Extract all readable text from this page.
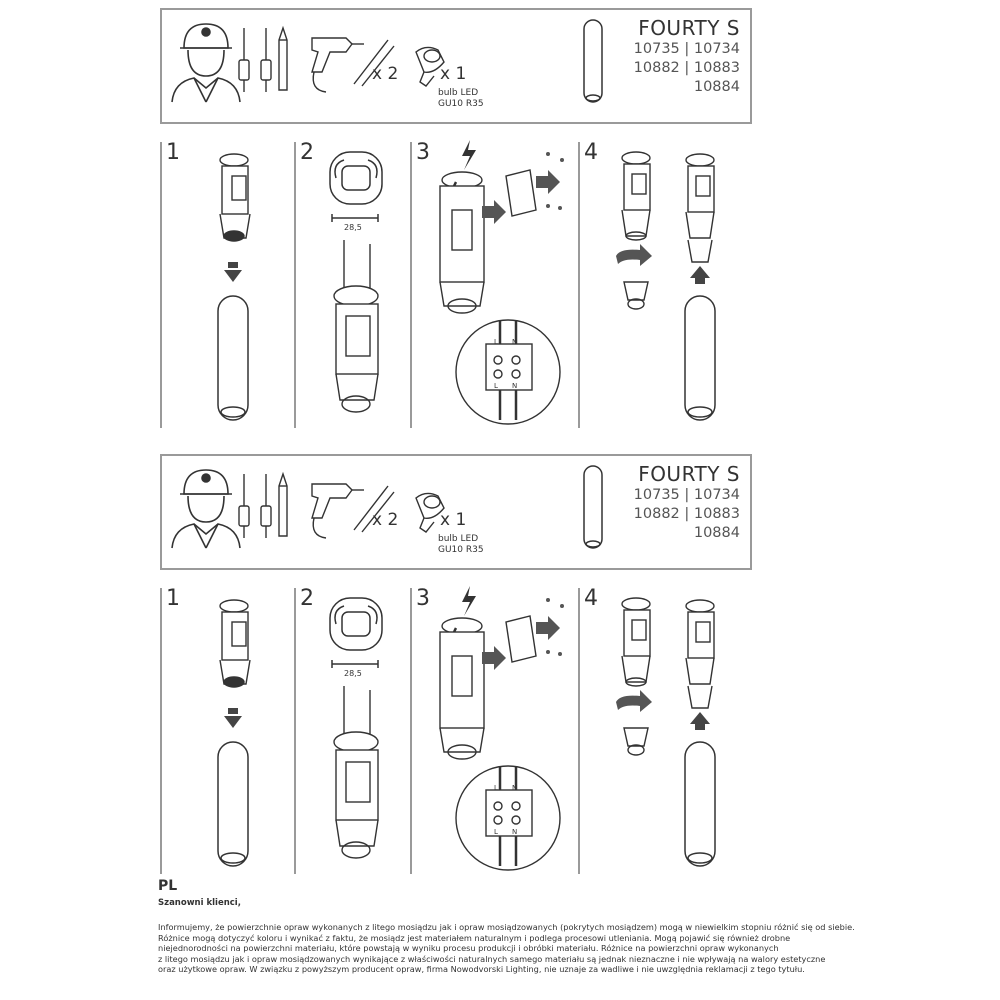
x 2 x 1
bulb LED
GU10 R35
FOURTY S
10735 | 10734
10882 | 10883
10884
1	2	3	4
28,5
L N
L N
x 2 x 1
bulb LED
GU10 R35
FOURTY S
10735 | 10734
10882 | 10883
10884
1	2	3	4
28,5
L N
L N
PL
Szanowni klienci,
Informujemy, że powierzchnie opraw wykonanych z litego mosiądzu jak i opraw mosiądzowanych (pokrytych mosiądzem) mogą w niewielkim stopniu różnić się od siebie.
Różnice mogą dotyczyć koloru i wynikać z faktu, że mosiądz jest materiałem naturalnym i podlega procesowi utleniania. Mogą pojawić się również drobne
niejednorodności na powierzchni materiału, które powstają w wyniku procesu produkcji i obróbki materiału. Różnice na powierzchni opraw wykonanych
z litego mosiądzu jak i opraw mosiądzowanych wynikające z właściwości naturalnych samego materiału są jednak nieznaczne i nie wpływają na walory estetyczne
oraz użytkowe opraw. W związku z powyższym producent opraw, firma Nowodvorski Lighting, nie uznaje za wadliwe i nie uwzględnia reklamacji z tego tytułu.
